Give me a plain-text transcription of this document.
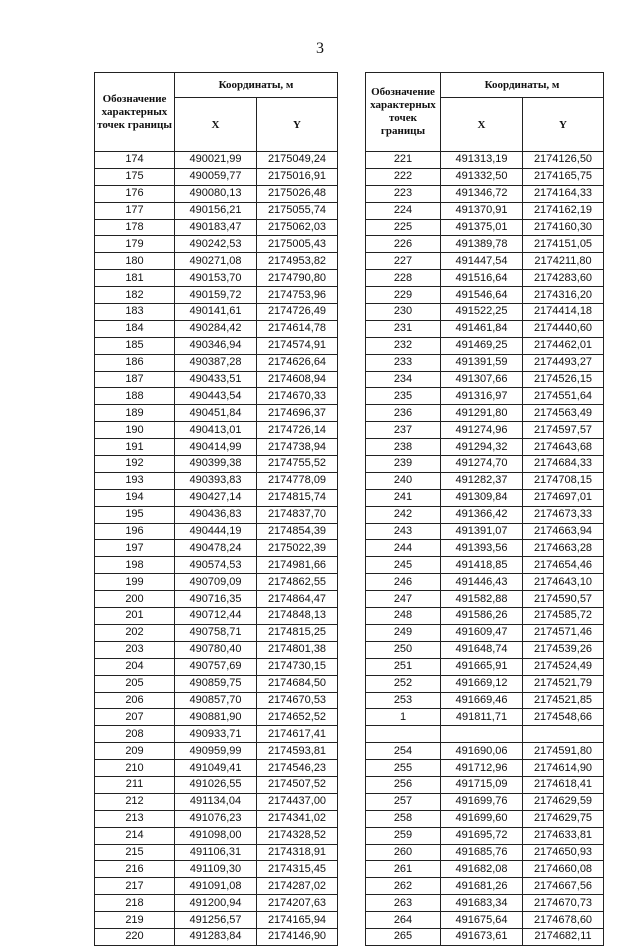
3
Обозначение характерных точек границы	Координаты, м	
	X	Y
174	490021,99	2175049,24
175	490059,77	2175016,91
176	490080,13	2175026,48
177	490156,21	2175055,74
178	490183,47	2175062,03
179	490242,53	2175005,43
180	490271,08	2174953,82
181	490153,70	2174790,80
182	490159,72	2174753,96
183	490141,61	2174726,49
184	490284,42	2174614,78
185	490346,94	2174574,91
186	490387,28	2174626,64
187	490433,51	2174608,94
188	490443,54	2174670,33
189	490451,84	2174696,37
190	490413,01	2174726,14
191	490414,99	2174738,94
192	490399,38	2174755,52
193	490393,83	2174778,09
194	490427,14	2174815,74
195	490436,83	2174837,70
196	490444,19	2174854,39
197	490478,24	2175022,39
198	490574,53	2174981,66
199	490709,09	2174862,55
200	490716,35	2174864,47
201	490712,44	2174848,13
202	490758,71	2174815,25
203	490780,40	2174801,38
204	490757,69	2174730,15
205	490859,75	2174684,50
206	490857,70	2174670,53
207	490881,90	2174652,52
208	490933,71	2174617,41
209	490959,99	2174593,81
210	491049,41	2174546,23
211	491026,55	2174507,52
212	491134,04	2174437,00
213	491076,23	2174341,02
214	491098,00	2174328,52
215	491106,31	2174318,91
216	491109,30	2174315,45
217	491091,08	2174287,02
218	491200,94	2174207,63
219	491256,57	2174165,94
220	491283,84	2174146,90
Обозначение характерных точек границы	Координаты, м	
	X	Y
221	491313,19	2174126,50
222	491332,50	2174165,75
223	491346,72	2174164,33
224	491370,91	2174162,19
225	491375,01	2174160,30
226	491389,78	2174151,05
227	491447,54	2174211,80
228	491516,64	2174283,60
229	491546,64	2174316,20
230	491522,25	2174414,18
231	491461,84	2174440,60
232	491469,25	2174462,01
233	491391,59	2174493,27
234	491307,66	2174526,15
235	491316,97	2174551,64
236	491291,80	2174563,49
237	491274,96	2174597,57
238	491294,32	2174643,68
239	491274,70	2174684,33
240	491282,37	2174708,15
241	491309,84	2174697,01
242	491366,42	2174673,33
243	491391,07	2174663,94
244	491393,56	2174663,28
245	491418,85	2174654,46
246	491446,43	2174643,10
247	491582,88	2174590,57
248	491586,26	2174585,72
249	491609,47	2174571,46
250	491648,74	2174539,26
251	491665,91	2174524,49
252	491669,12	2174521,79
253	491669,46	2174521,85
1	491811,71	2174548,66

254	491690,06	2174591,80
255	491712,96	2174614,90
256	491715,09	2174618,41
257	491699,76	2174629,59
258	491699,60	2174629,75
259	491695,72	2174633,81
260	491685,76	2174650,93
261	491682,08	2174660,08
262	491681,26	2174667,56
263	491683,34	2174670,73
264	491675,64	2174678,60
265	491673,61	2174682,11
